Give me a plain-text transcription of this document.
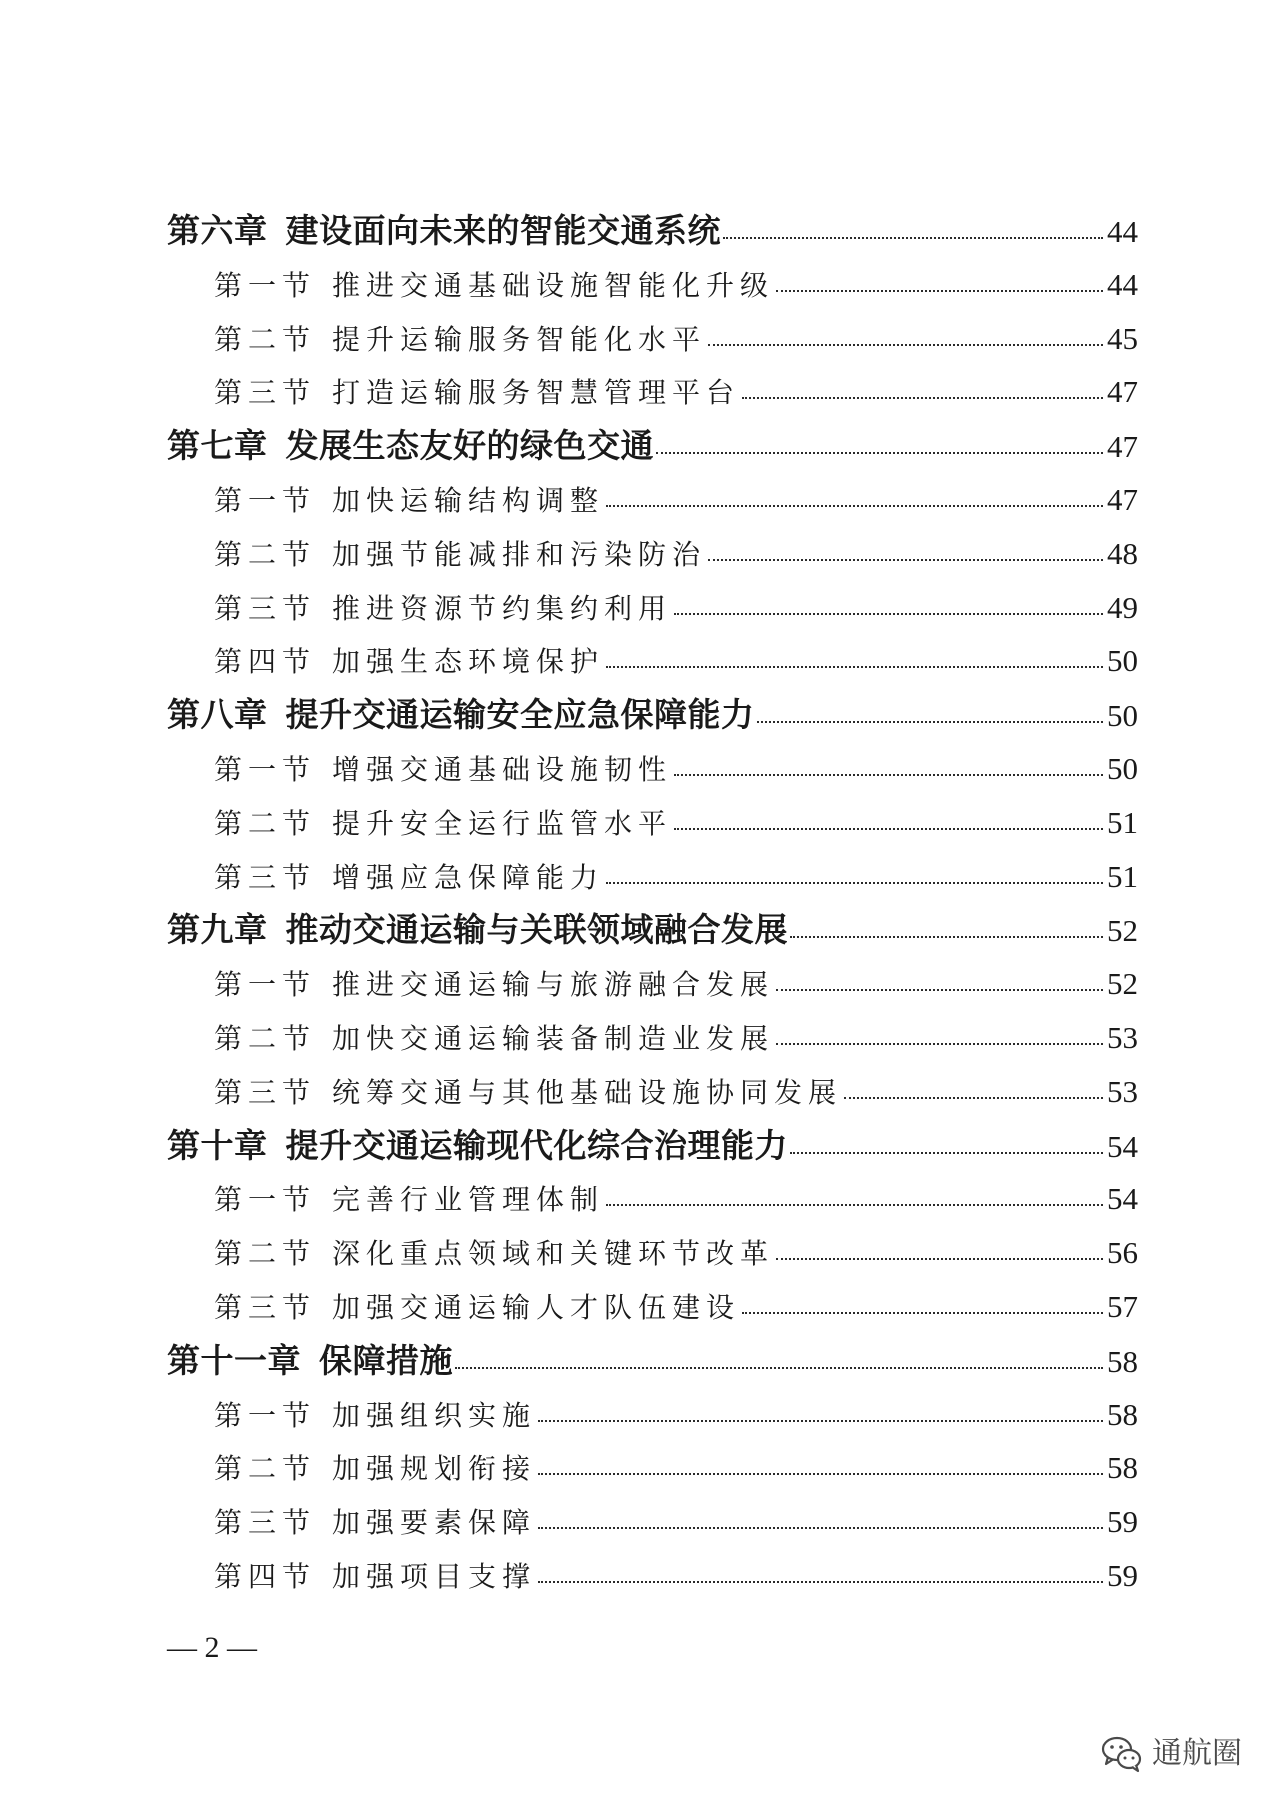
第六章 建设面向未来的智能交通系统	44
第一节 推进交通基础设施智能化升级	44
第二节 提升运输服务智能化水平	45
第三节 打造运输服务智慧管理平台	47
第七章 发展生态友好的绿色交通	47
第一节 加快运输结构调整	47
第二节 加强节能减排和污染防治	48
第三节 推进资源节约集约利用	49
第四节 加强生态环境保护	50
第八章 提升交通运输安全应急保障能力	50
第一节 增强交通基础设施韧性	50
第二节 提升安全运行监管水平	51
第三节 增强应急保障能力	51
第九章 推动交通运输与关联领域融合发展	52
第一节 推进交通运输与旅游融合发展	52
第二节 加快交通运输装备制造业发展	53
第三节 统筹交通与其他基础设施协同发展	53
第十章 提升交通运输现代化综合治理能力	54
第一节 完善行业管理体制	54
第二节 深化重点领域和关键环节改革	56
第三节 加强交通运输人才队伍建设	57
第十一章 保障措施	58
第一节 加强组织实施	58
第二节 加强规划衔接	58
第三节 加强要素保障	59
第四节 加强项目支撑	59
— 2 —
通航圈
